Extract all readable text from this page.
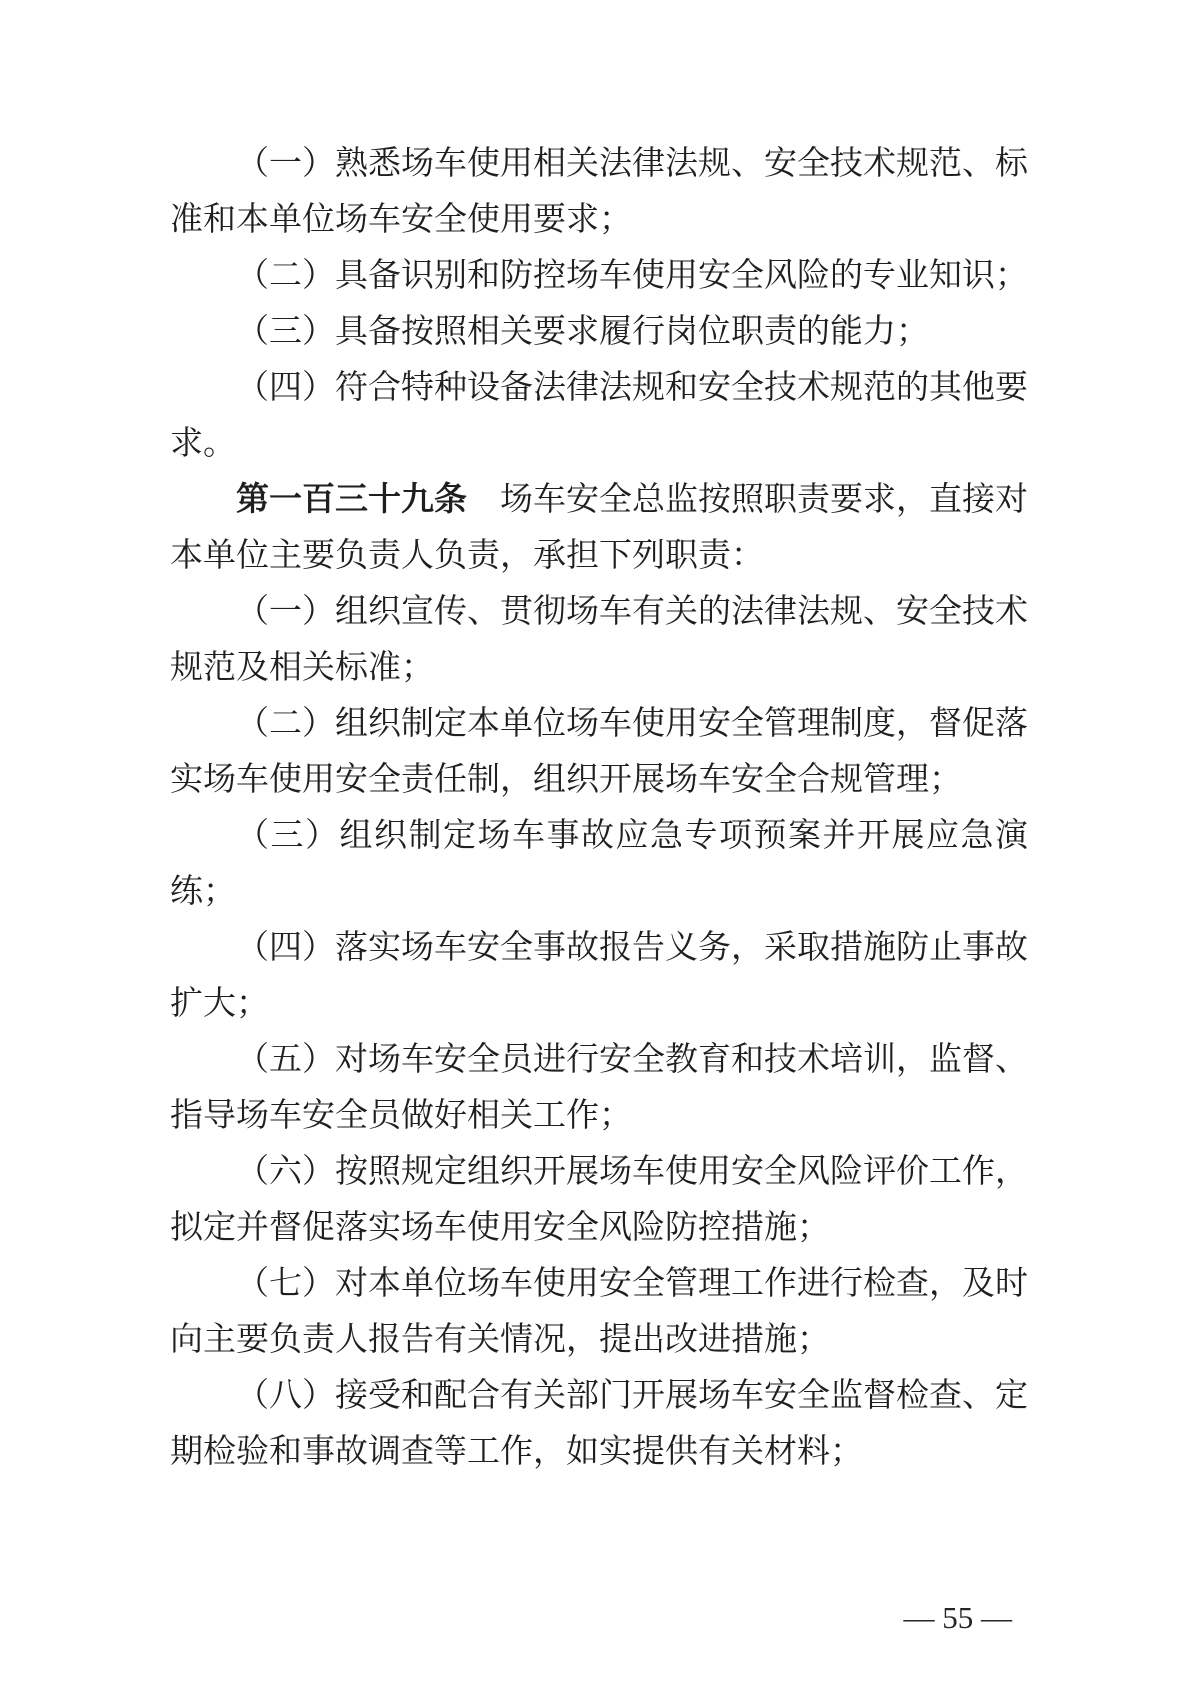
（一）熟悉场车使用相关法律法规、安全技术规范、标准和本单位场车安全使用要求；

（二）具备识别和防控场车使用安全风险的专业知识；

（三）具备按照相关要求履行岗位职责的能力；

（四）符合特种设备法律法规和安全技术规范的其他要求。

第一百三十九条　场车安全总监按照职责要求，直接对本单位主要负责人负责，承担下列职责：

（一）组织宣传、贯彻场车有关的法律法规、安全技术规范及相关标准；

（二）组织制定本单位场车使用安全管理制度，督促落实场车使用安全责任制，组织开展场车安全合规管理；

（三）组织制定场车事故应急专项预案并开展应急演练；

（四）落实场车安全事故报告义务，采取措施防止事故扩大；

（五）对场车安全员进行安全教育和技术培训，监督、指导场车安全员做好相关工作；

（六）按照规定组织开展场车使用安全风险评价工作，拟定并督促落实场车使用安全风险防控措施；

（七）对本单位场车使用安全管理工作进行检查，及时向主要负责人报告有关情况，提出改进措施；

（八）接受和配合有关部门开展场车安全监督检查、定期检验和事故调查等工作，如实提供有关材料；

— 55 —
